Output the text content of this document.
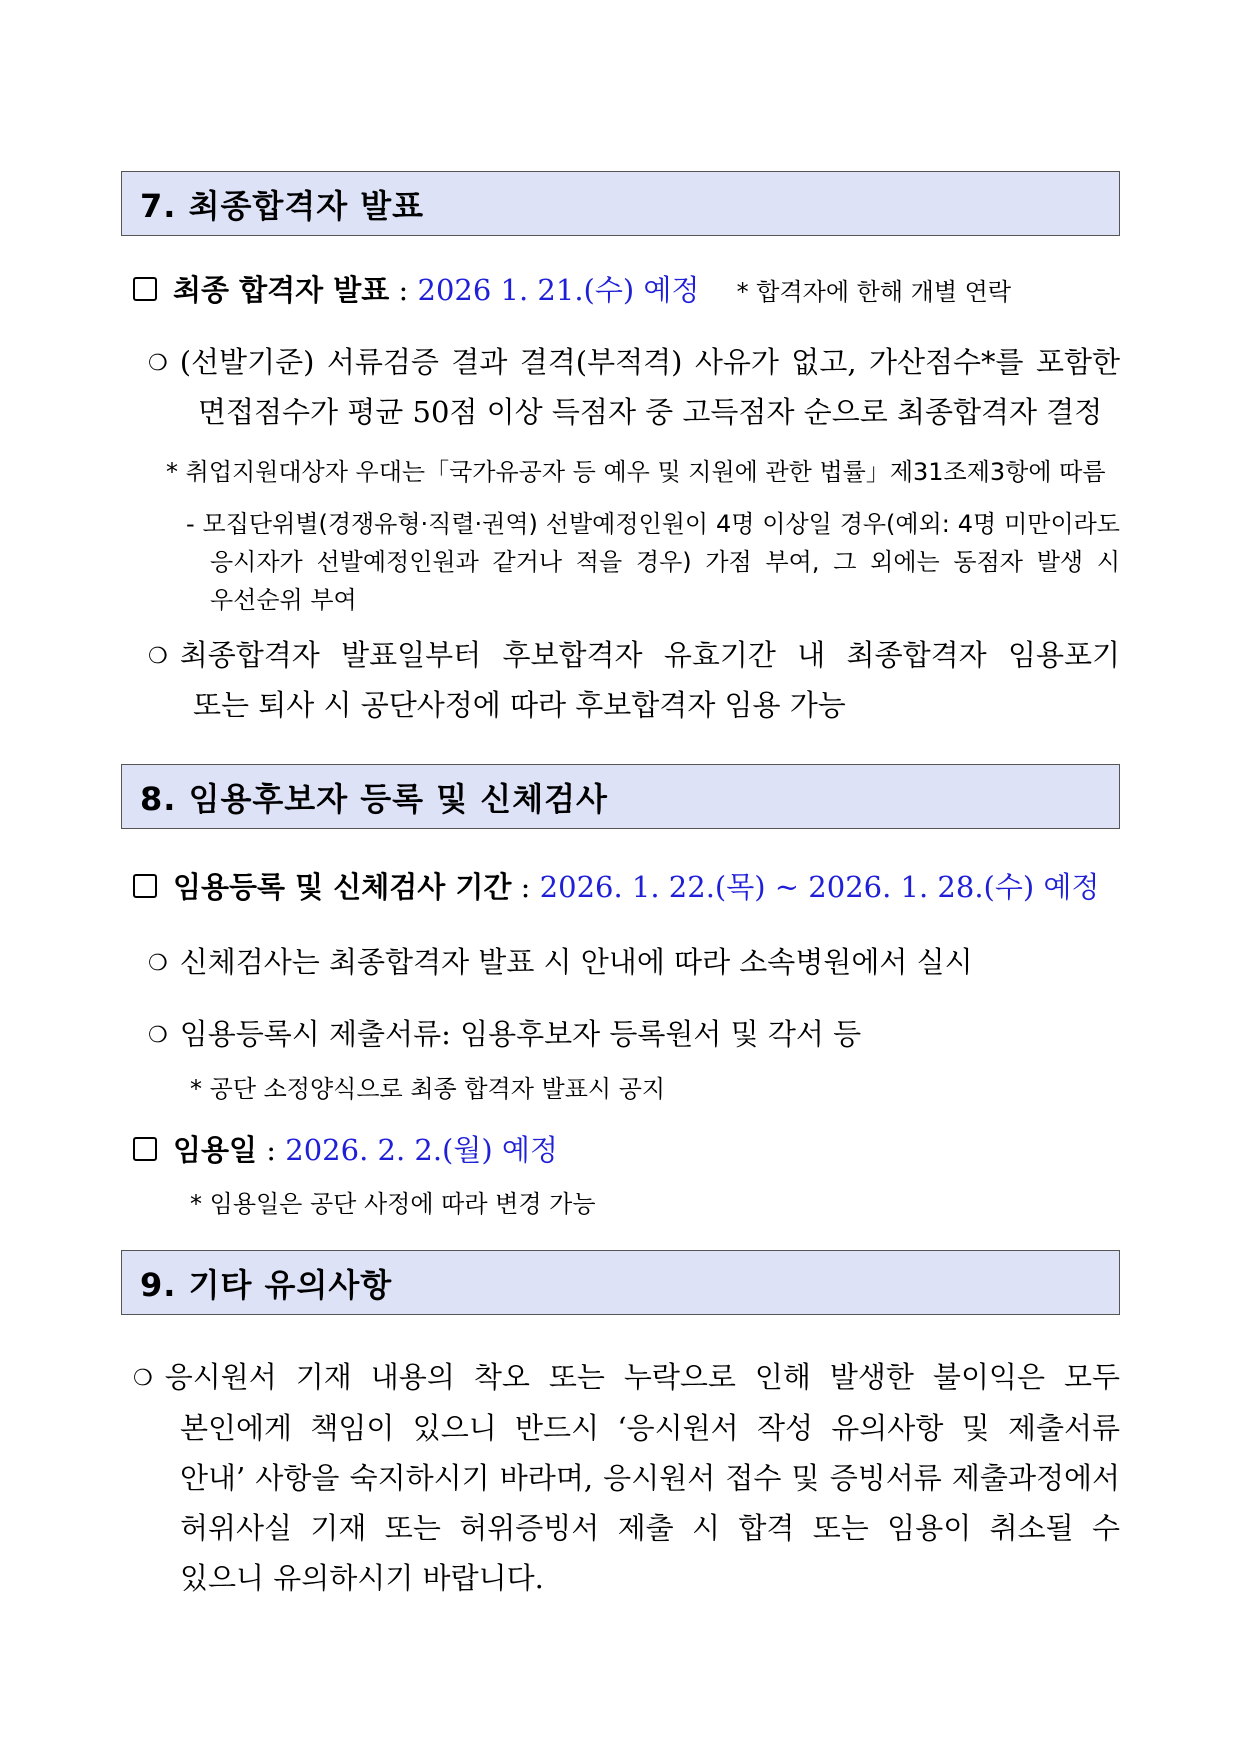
7. 최종합격자 발표
최종 합격자 발표 : 2026 1. 21.(수) 예정 * 합격자에 한해 개별 연락
❍ (선발기준) 서류검증 결과 결격(부적격) 사유가 없고, 가산점수*를 포함한
면접점수가 평균 50점 이상 득점자 중 고득점자 순으로 최종합격자 결정
* 취업지원대상자 우대는「국가유공자 등 예우 및 지원에 관한 법률」제31조제3항에 따름
- 모집단위별(경쟁유형·직렬·권역) 선발예정인원이 4명 이상일 경우(예외: 4명 미만이라도
응시자가 선발예정인원과 같거나 적을 경우) 가점 부여, 그 외에는 동점자 발생 시
우선순위 부여
❍ 최종합격자 발표일부터 후보합격자 유효기간 내 최종합격자 임용포기
또는 퇴사 시 공단사정에 따라 후보합격자 임용 가능
8. 임용후보자 등록 및 신체검사
임용등록 및 신체검사 기간 : 2026. 1. 22.(목) ~ 2026. 1. 28.(수) 예정
❍ 신체검사는 최종합격자 발표 시 안내에 따라 소속병원에서 실시
❍ 임용등록시 제출서류: 임용후보자 등록원서 및 각서 등
* 공단 소정양식으로 최종 합격자 발표시 공지
임용일 : 2026. 2. 2.(월) 예정
* 임용일은 공단 사정에 따라 변경 가능
9. 기타 유의사항
❍ 응시원서 기재 내용의 착오 또는 누락으로 인해 발생한 불이익은 모두
본인에게 책임이 있으니 반드시 ‘응시원서 작성 유의사항 및 제출서류
안내’ 사항을 숙지하시기 바라며, 응시원서 접수 및 증빙서류 제출과정에서
허위사실 기재 또는 허위증빙서 제출 시 합격 또는 임용이 취소될 수
있으니 유의하시기 바랍니다.
